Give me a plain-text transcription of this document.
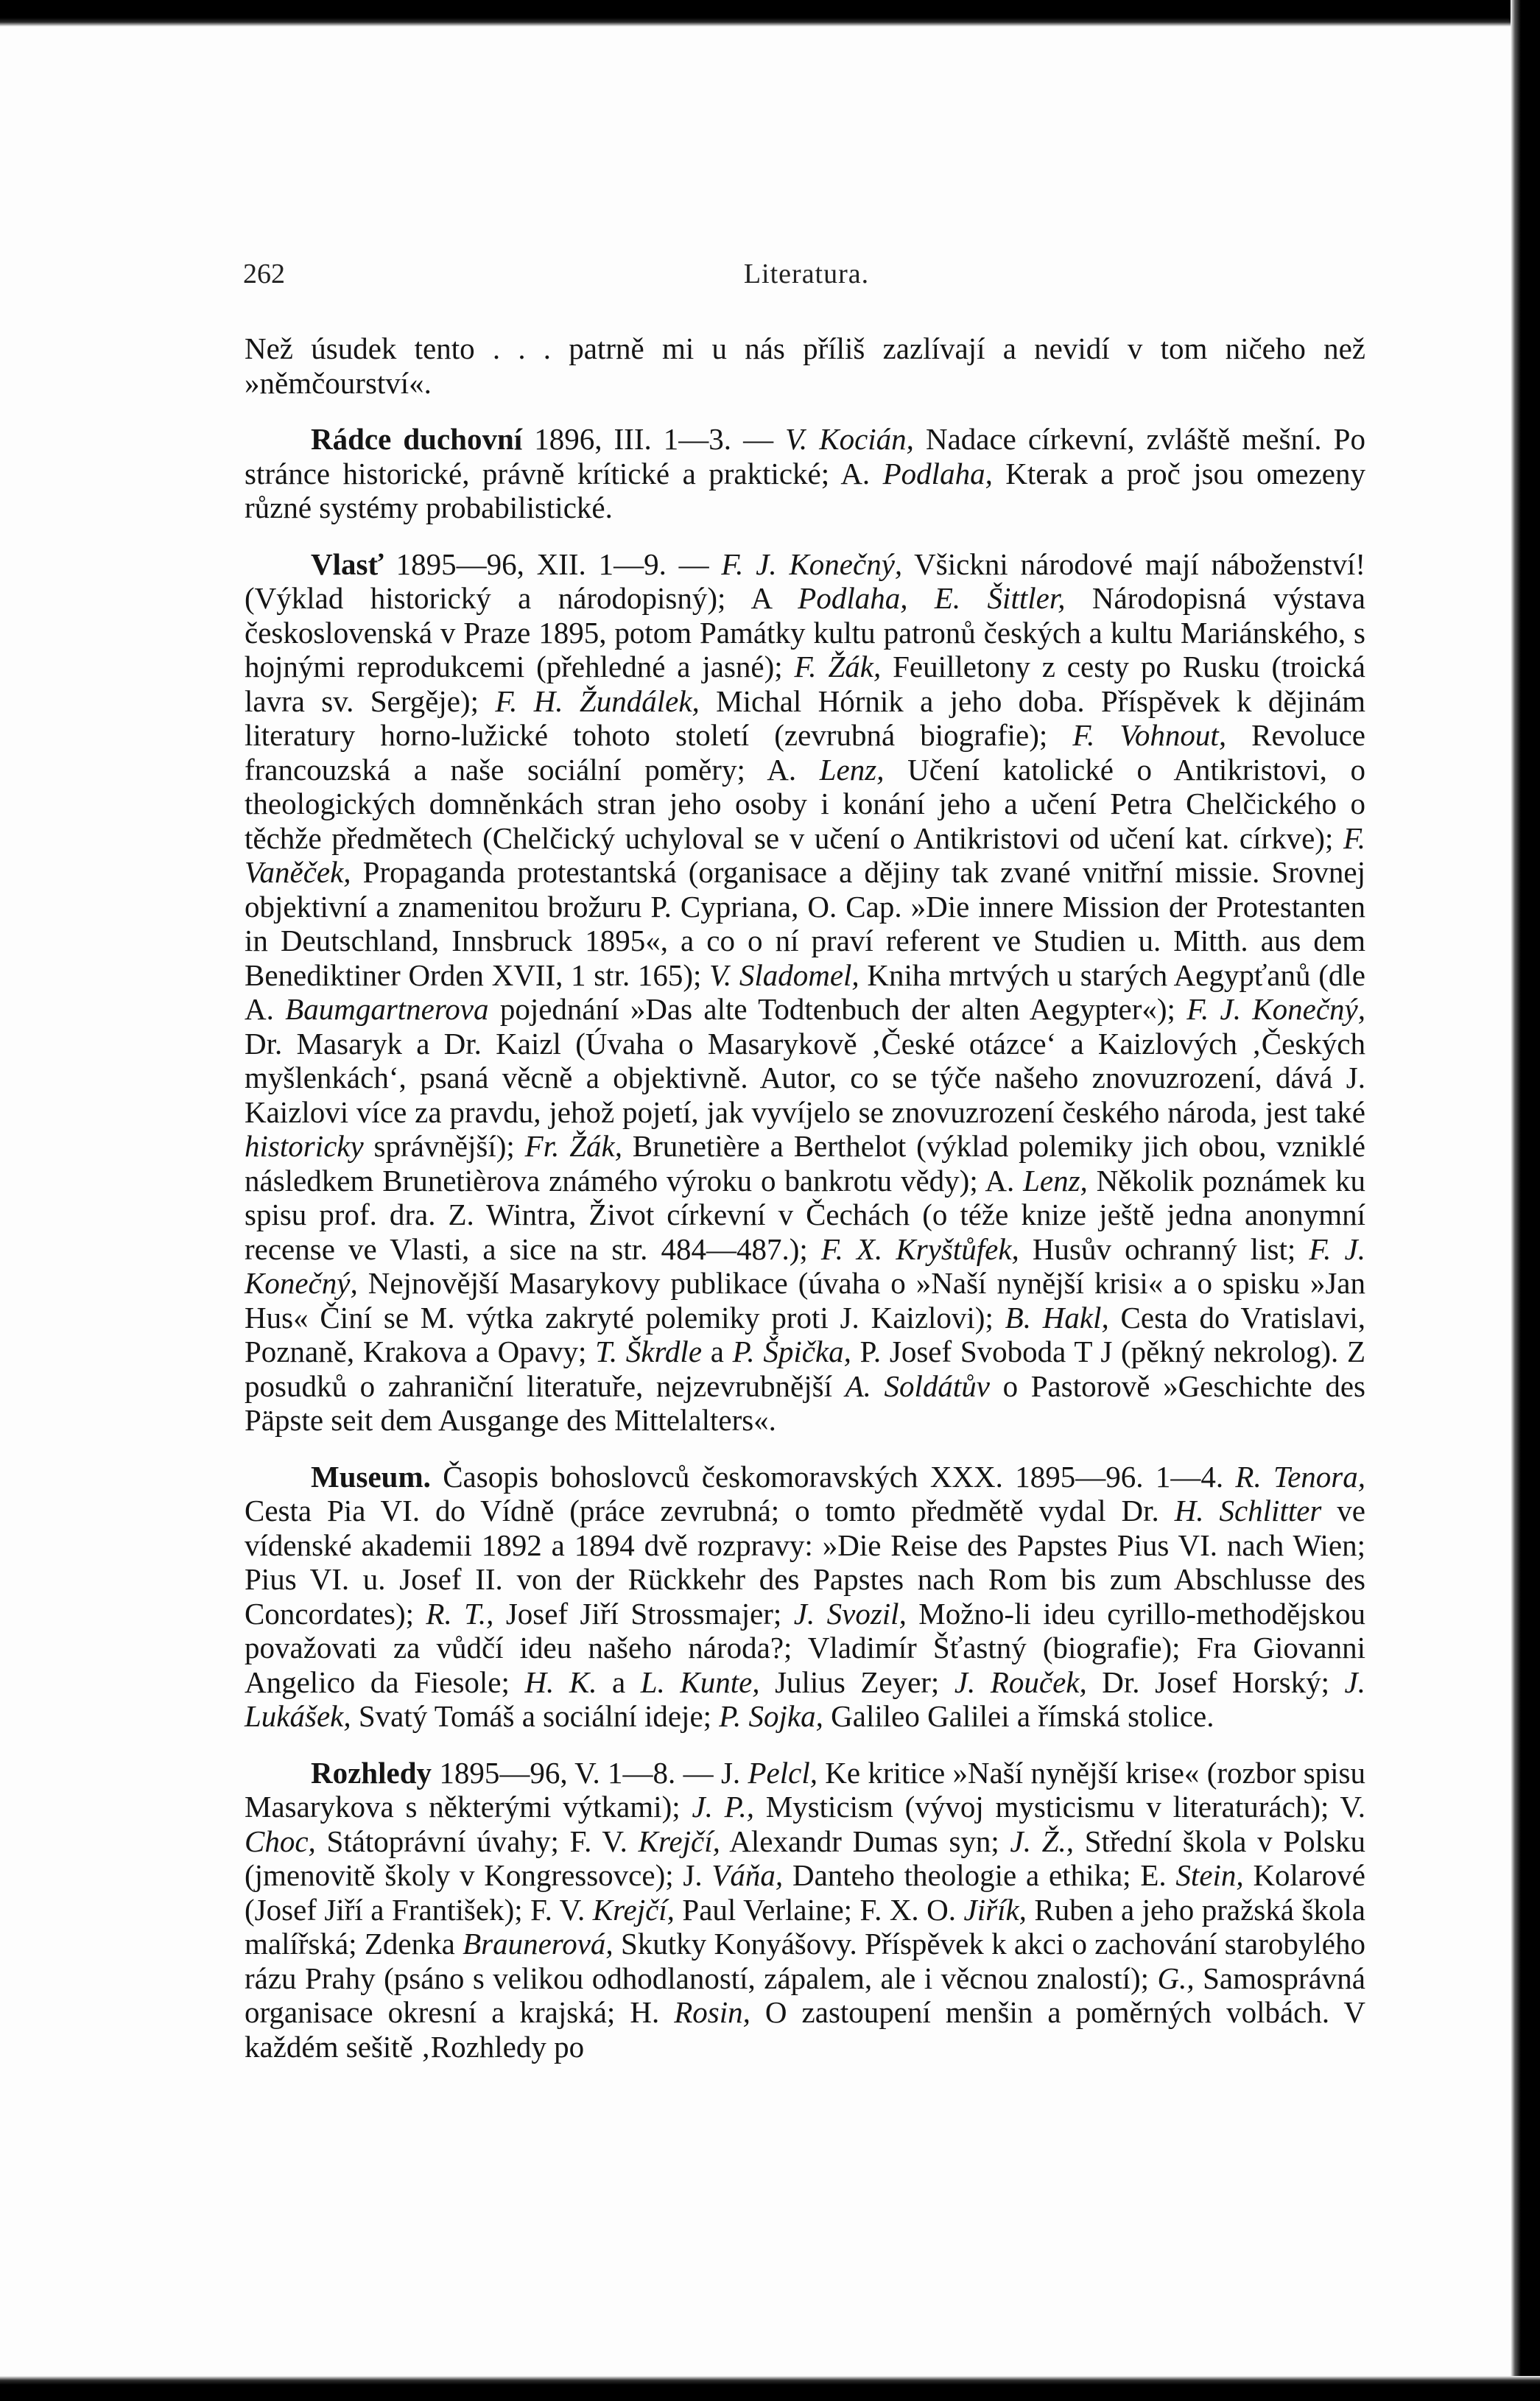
262	Literatura.

Než úsudek tento . . . patrně mi u nás příliš zazlívají a nevidí v tom ničeho než »němčourství«.

Rádce duchovní 1896, III. 1—3. — V. Kocián, Nadace církevní, zvláště mešní. Po stránce historické, právně krítické a praktické; A. Podlaha, Kterak a proč jsou omezeny různé systémy probabilistické.

Vlasť 1895—96, XII. 1—9. — F. J. Konečný, Všickni národové mají náboženství! (Výklad historický a národopisný); A Podlaha, E. Šittler, Národopisná výstava československá v Praze 1895, potom Památky kultu patronů českých a kultu Mariánského, s hojnými reprodukcemi (přehledné a jasné); F. Žák, Feuilletony z cesty po Rusku (troická lavra sv. Sergěje); F. H. Žundálek, Michal Hórnik a jeho doba. Příspěvek k dějinám literatury horno-lužické tohoto století (zevrubná biografie); F. Vohnout, Revoluce francouzská a naše sociální poměry; A. Lenz, Učení katolické o Antikristovi, o theologických domněnkách stran jeho osoby i konání jeho a učení Petra Chelčického o těchže předmětech (Chelčický uchyloval se v učení o Antikristovi od učení kat. církve); F. Vaněček, Propaganda protestantská (organisace a dějiny tak zvané vnitřní missie. Srovnej objektivní a znamenitou brožuru P. Cypriana, O. Cap. »Die innere Mission der Protestanten in Deutschland, Innsbruck 1895«, a co o ní praví referent ve Studien u. Mitth. aus dem Benediktiner Orden XVII, 1 str. 165); V. Sladomel, Kniha mrtvých u starých Aegypťanů (dle A. Baumgartnerova pojednání »Das alte Todtenbuch der alten Aegypter«); F. J. Konečný, Dr. Masaryk a Dr. Kaizl (Úvaha o Masarykově ‚České otázce‘ a Kaizlových ‚Českých myšlenkách‘, psaná věcně a objektivně. Autor, co se týče našeho znovuzrození, dává J. Kaizlovi více za pravdu, jehož pojetí, jak vyvíjelo se znovuzrození českého národa, jest také historicky správnější); Fr. Žák, Brunetière a Berthelot (výklad polemiky jich obou, vzniklé následkem Brunetièrova známého výroku o bankrotu vědy); A. Lenz, Několik poznámek ku spisu prof. dra. Z. Wintra, Život církevní v Čechách (o téže knize ještě jedna anonymní recense ve Vlasti, a sice na str. 484—487.); F. X. Kryštůfek, Husův ochranný list; F. J. Konečný, Nejnovější Masarykovy publikace (úvaha o »Naší nynější krisi« a o spisku »Jan Hus« Činí se M. výtka zakryté polemiky proti J. Kaizlovi); B. Hakl, Cesta do Vratislavi, Poznaně, Krakova a Opavy; T. Škrdle a P. Špička, P. Josef Svoboda T J (pěkný nekrolog). Z posudků o zahraniční literatuře, nejzevrubnější A. Soldátův o Pastorově »Geschichte des Päpste seit dem Ausgange des Mittelalters«.

Museum. Časopis bohoslovců českomoravských XXX. 1895—96. 1—4. R. Tenora, Cesta Pia VI. do Vídně (práce zevrubná; o tomto předmětě vydal Dr. H. Schlitter ve vídenské akademii 1892 a 1894 dvě rozpravy: »Die Reise des Papstes Pius VI. nach Wien; Pius VI. u. Josef II. von der Rückkehr des Papstes nach Rom bis zum Abschlusse des Concordates); R. T., Josef Jiří Strossmajer; J. Svozil, Možno-li ideu cyrillo-methodějskou považovati za vůdčí ideu našeho národa?; Vladimír Šťastný (biografie); Fra Giovanni Angelico da Fiesole; H. K. a L. Kunte, Julius Zeyer; J. Rouček, Dr. Josef Horský; J. Lukášek, Svatý Tomáš a sociální ideje; P. Sojka, Galileo Galilei a římská stolice.

Rozhledy 1895—96, V. 1—8. — J. Pelcl, Ke kritice »Naší nynější krise« (rozbor spisu Masarykova s některými výtkami); J. P., Mysticism (vývoj mysticismu v literaturách); V. Choc, Státoprávní úvahy; F. V. Krejčí, Alexandr Dumas syn; J. Ž., Střední škola v Polsku (jmenovitě školy v Kongressovce); J. Váňa, Danteho theologie a ethika; E. Stein, Kolarové (Josef Jiří a František); F. V. Krejčí, Paul Verlaine; F. X. O. Jiřík, Ruben a jeho pražská škola malířská; Zdenka Braunerová, Skutky Konyášovy. Příspěvek k akci o zachování starobylého rázu Prahy (psáno s velikou odhodlaností, zápalem, ale i věcnou znalostí); G., Samosprávná organisace okresní a krajská; H. Rosin, O zastoupení menšin a poměrných volbách. V každém sešitě ‚Rozhledy po
